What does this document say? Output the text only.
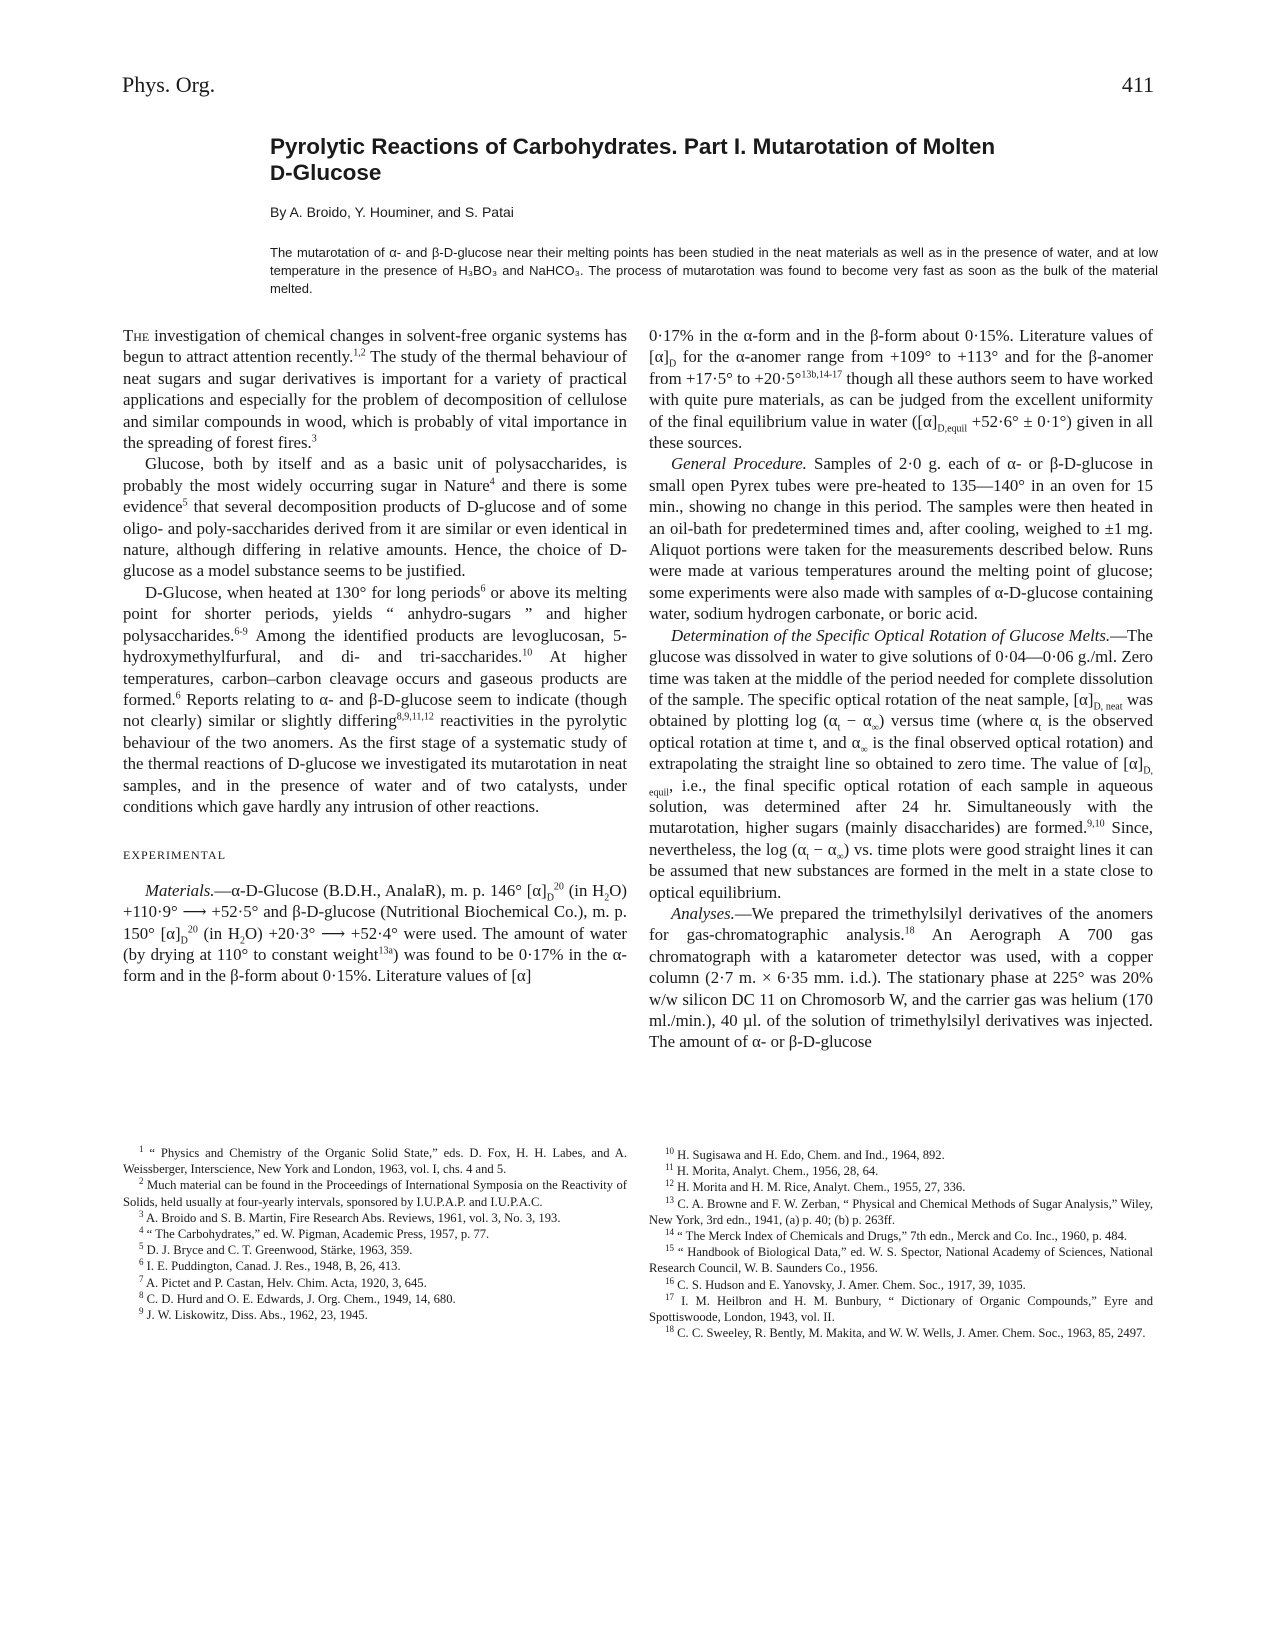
Phys. Org.	411
Pyrolytic Reactions of Carbohydrates. Part I. Mutarotation of Molten
D-Glucose
By A. Broido, Y. Houminer, and S. Patai

The mutarotation of α- and β-D-glucose near their melting points has been studied in the neat materials as well as in the presence of water, and at low temperature in the presence of H₃BO₃ and NaHCO₃. The process of mutarotation was found to become very fast as soon as the bulk of the material melted.

The investigation of chemical changes in solvent-free organic systems has begun to attract attention recently.$^{1,2}$ The study of the thermal behaviour of neat sugars and sugar derivatives is important for a variety of practical applications and especially for the problem of decomposition of cellulose and similar compounds in wood, which is probably of vital importance in the spreading of forest fires.$^3$

Glucose, both by itself and as a basic unit of polysaccharides, is probably the most widely occurring sugar in Nature$^4$ and there is some evidence$^5$ that several decomposition products of D-glucose and of some oligo- and poly-saccharides derived from it are similar or even identical in nature, although differing in relative amounts. Hence, the choice of D-glucose as a model substance seems to be justified.

D-Glucose, when heated at 130° for long periods$^6$ or above its melting point for shorter periods, yields “ anhydro-sugars ” and higher polysaccharides.$^{6-9}$ Among the identified products are levoglucosan, 5-hydroxymethylfurfural, and di- and tri-saccharides.$^{10}$ At higher temperatures, carbon–carbon cleavage occurs and gaseous products are formed.$^6$ Reports relating to α- and β-D-glucose seem to indicate (though not clearly) similar or slightly differing$^{8,9,11,12}$ reactivities in the pyrolytic behaviour of the two anomers. As the first stage of a systematic study of the thermal reactions of D-glucose we investigated its mutarotation in neat samples, and in the presence of water and of two catalysts, under conditions which gave hardly any intrusion of other reactions.

EXPERIMENTAL

Materials.—α-D-Glucose (B.D.H., AnalaR), m. p. 146° $[\alpha]_D^{20}$ (in $H_2O) +110\cdot 9^\circ$ ⟶ +52·5° and β-D-glucose (Nutritional Biochemical Co.), m. p. 150° $[\alpha]_D^{20}$ (in $H_2O) +20\cdot 3^\circ$ ⟶ +52·4° were used. The amount of water (by drying at 110° to constant weight$^{13a}$) was found to be 0·17% in the α-form and in the β-form about 0·15%. Literature values of [α]

0·17% in the α-form and in the β-form about 0·15%. Literature values of $[\alpha]_D$ for the α-anomer range from +109° to +113° and for the β-anomer from +17·5° to +20·5°$^{13b,14-17}$ though all these authors seem to have worked with quite pure materials, as can be judged from the excellent uniformity of the final equilibrium value in water $([\alpha]_{D,equil} +52\cdot 6^\circ \pm 0\cdot 1^\circ)$ given in all these sources.

General Procedure. Samples of 2·0 g. each of α- or β-D-glucose in small open Pyrex tubes were pre-heated to 135—140° in an oven for 15 min., showing no change in this period. The samples were then heated in an oil-bath for predetermined times and, after cooling, weighed to ±1 mg. Aliquot portions were taken for the measurements described below. Runs were made at various temperatures around the melting point of glucose; some experiments were also made with samples of α-D-glucose containing water, sodium hydrogen carbonate, or boric acid.

Determination of the Specific Optical Rotation of Glucose Melts.—The glucose was dissolved in water to give solutions of 0·04—0·06 g./ml. Zero time was taken at the middle of the period needed for complete dissolution of the sample. The specific optical rotation of the neat sample, $[\alpha]_{D, neat}$ was obtained by plotting $\log (\alpha_t - \alpha_\infty)$ versus time (where $\alpha_t$ is the observed optical rotation at time t, and $\alpha_\infty$ is the final observed optical rotation) and extrapolating the straight line so obtained to zero time. The value of $[\alpha]_{D, equil}$, i.e., the final specific optical rotation of each sample in aqueous solution, was determined after 24 hr. Simultaneously with the mutarotation, higher sugars (mainly disaccharides) are formed.$^{9,10}$ Since, nevertheless, the $\log (\alpha_t - \alpha_\infty)$ vs. time plots were good straight lines it can be assumed that new substances are formed in the melt in a state close to optical equilibrium.

Analyses.—We prepared the trimethylsilyl derivatives of the anomers for gas-chromatographic analysis.$^{18}$ An Aerograph A 700 gas chromatograph with a katarometer detector was used, with a copper column (2·7 m. × 6·35 mm. i.d.). The stationary phase at 225° was 20% w/w silicon DC 11 on Chromosorb W, and the carrier gas was helium (170 ml./min.), 40 µl. of the solution of trimethylsilyl derivatives was injected. The amount of α- or β-D-glucose

$^1$ “ Physics and Chemistry of the Organic Solid State,” eds. D. Fox, H. H. Labes, and A. Weissberger, Interscience, New York and London, 1963, vol. I, chs. 4 and 5.

$^2$ Much material can be found in the Proceedings of International Symposia on the Reactivity of Solids, held usually at four-yearly intervals, sponsored by I.U.P.A.P. and I.U.P.A.C.

$^3$ A. Broido and S. B. Martin, Fire Research Abs. Reviews, 1961, vol. 3, No. 3, 193.

$^4$ “ The Carbohydrates,” ed. W. Pigman, Academic Press, 1957, p. 77.

$^5$ D. J. Bryce and C. T. Greenwood, Stärke, 1963, 359.

$^6$ I. E. Puddington, Canad. J. Res., 1948, B, 26, 413.

$^7$ A. Pictet and P. Castan, Helv. Chim. Acta, 1920, 3, 645.

$^8$ C. D. Hurd and O. E. Edwards, J. Org. Chem., 1949, 14, 680.

$^9$ J. W. Liskowitz, Diss. Abs., 1962, 23, 1945.

$^{10}$ H. Sugisawa and H. Edo, Chem. and Ind., 1964, 892.

$^{11}$ H. Morita, Analyt. Chem., 1956, 28, 64.

$^{12}$ H. Morita and H. M. Rice, Analyt. Chem., 1955, 27, 336.

$^{13}$ C. A. Browne and F. W. Zerban, “ Physical and Chemical Methods of Sugar Analysis,” Wiley, New York, 3rd edn., 1941, (a) p. 40; (b) p. 263ff.

$^{14}$ “ The Merck Index of Chemicals and Drugs,” 7th edn., Merck and Co. Inc., 1960, p. 484.

$^{15}$ “ Handbook of Biological Data,” ed. W. S. Spector, National Academy of Sciences, National Research Council, W. B. Saunders Co., 1956.

$^{16}$ C. S. Hudson and E. Yanovsky, J. Amer. Chem. Soc., 1917, 39, 1035.

$^{17}$ I. M. Heilbron and H. M. Bunbury, “ Dictionary of Organic Compounds,” Eyre and Spottiswoode, London, 1943, vol. II.

$^{18}$ C. C. Sweeley, R. Bently, M. Makita, and W. W. Wells, J. Amer. Chem. Soc., 1963, 85, 2497.
